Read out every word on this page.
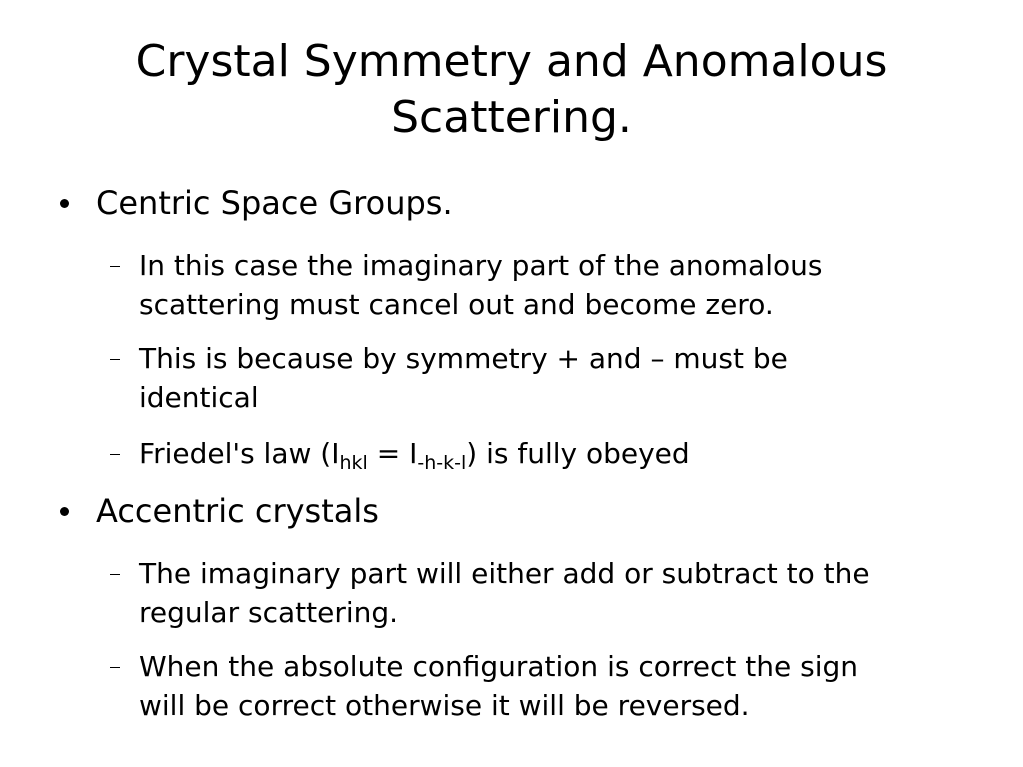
Crystal Symmetry and Anomalous
Scattering.
Centric Space Groups.
In this case the imaginary part of the anomalous
scattering must cancel out and become zero.
This is because by symmetry + and – must be
identical
Friedel's law $(I_{hkl} = I_{-h-k-l})$ is fully obeyed
Accentric crystals
The imaginary part will either add or subtract to the
regular scattering.
When the absolute configuration is correct the sign
will be correct otherwise it will be reversed.
